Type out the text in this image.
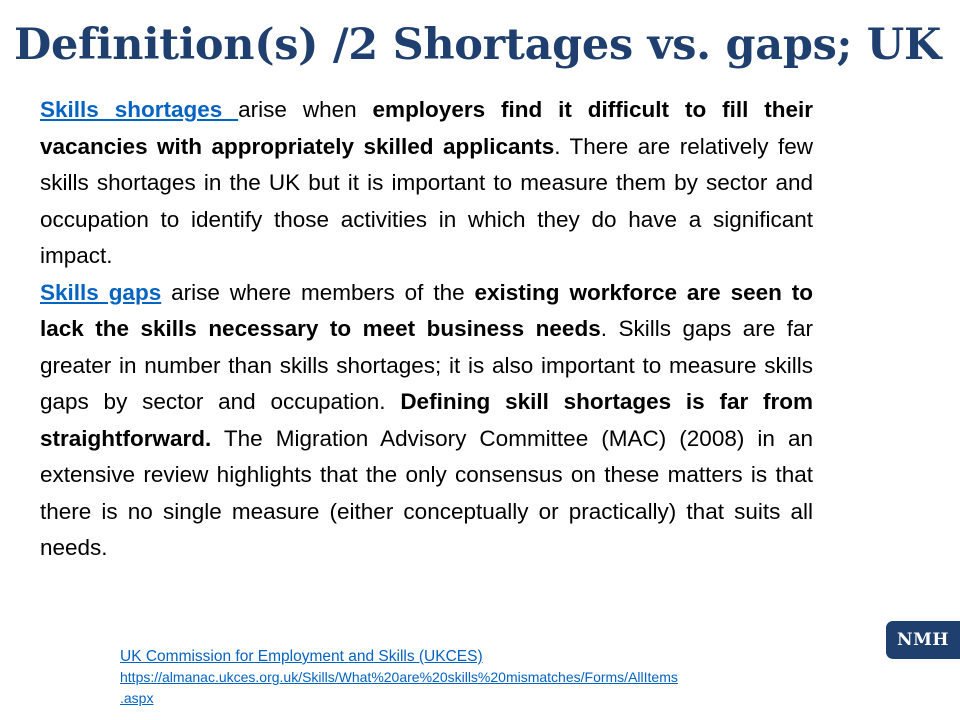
Definition(s) /2 Shortages vs. gaps; UK

Skills shortages arise when employers find it difficult to fill their vacancies with appropriately skilled applicants. There are relatively few skills shortages in the UK but it is important to measure them by sector and occupation to identify those activities in which they do have a significant impact.

Skills gaps arise where members of the existing workforce are seen to lack the skills necessary to meet business needs. Skills gaps are far greater in number than skills shortages; it is also important to measure skills gaps by sector and occupation. Defining skill shortages is far from straightforward. The Migration Advisory Committee (MAC) (2008) in an extensive review highlights that the only consensus on these matters is that there is no single measure (either conceptually or practically) that suits all needs.

UK Commission for Employment and Skills (UKCES)
https://almanac.ukces.org.uk/Skills/What%20are%20skills%20mismatches/Forms/AllItems
.aspx
NMH
